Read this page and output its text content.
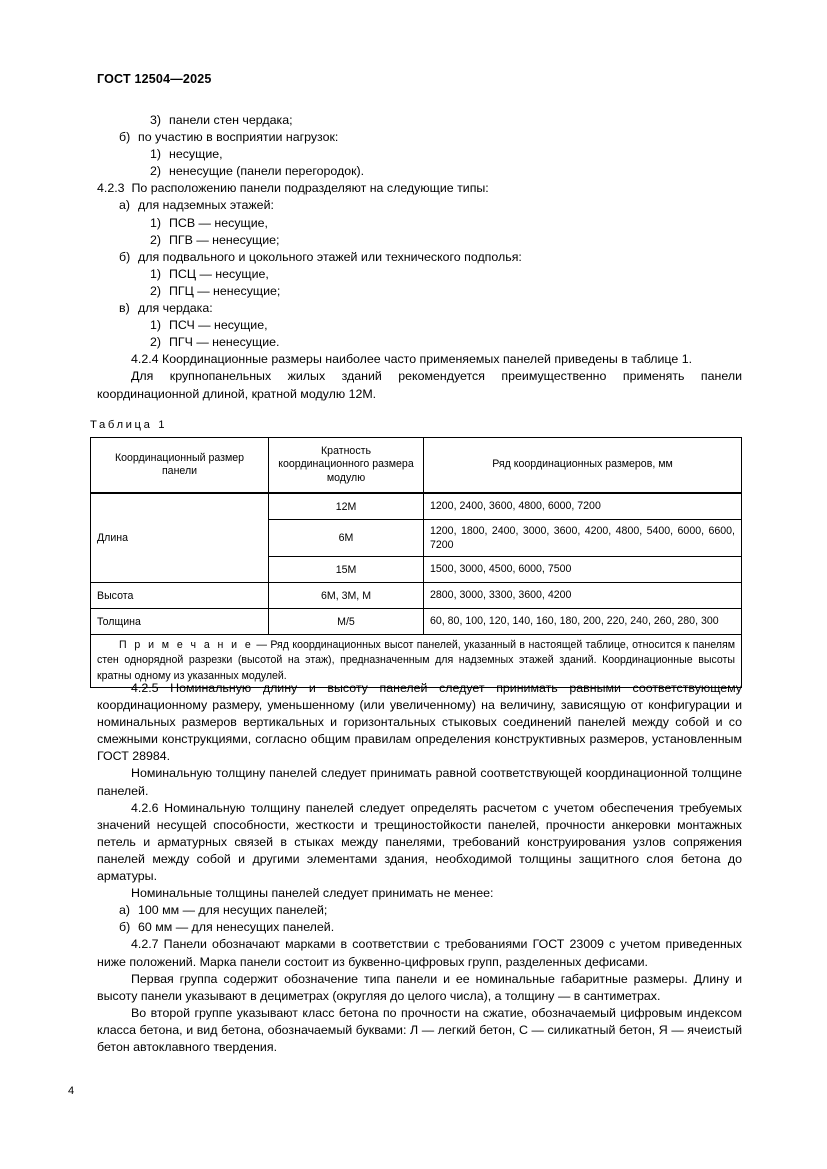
ГОСТ 12504—2025

3) панели стен чердака;

б) по участию в восприятии нагрузок:

1) несущие,

2) ненесущие (панели перегородок).

4.2.3 По расположению панели подразделяют на следующие типы:

а) для надземных этажей:

1) ПСВ — несущие,

2) ПГВ — ненесущие;

б) для подвального и цокольного этажей или технического подполья:

1) ПСЦ — несущие,

2) ПГЦ — ненесущие;

в) для чердака:

1) ПСЧ — несущие,

2) ПГЧ — ненесущие.

4.2.4 Координационные размеры наиболее часто применяемых панелей приведены в таблице 1.

Для крупнопанельных жилых зданий рекомендуется преимущественно применять панели координационной длиной, кратной модулю 12М.

Таблица 1
Координационный размер панели	Кратность координационного размера модулю	Ряд координационных размеров, мм
Длина	12М	1200, 2400, 3600, 4800, 6000, 7200
	6М	1200, 1800, 2400, 3000, 3600, 4200, 4800, 5400, 6000, 6600, 7200
	15М	1500, 3000, 4500, 6000, 7500
Высота	6М, 3М, М	2800, 3000, 3300, 3600, 4200
Толщина	М/5	60, 80, 100, 120, 140, 160, 180, 200, 220, 240, 260, 280, 300
П р и м е ч а н и е — Ряд координационных высот панелей, указанный в настоящей таблице, относится к панелям стен однорядной разрезки (высотой на этаж), предназначенным для надземных этажей зданий. Координационные высоты кратны одному из указанных модулей.		

4.2.5 Номинальную длину и высоту панелей следует принимать равными соответствующему координационному размеру, уменьшенному (или увеличенному) на величину, зависящую от конфигурации и номинальных размеров вертикальных и горизонтальных стыковых соединений панелей между собой и со смежными конструкциями, согласно общим правилам определения конструктивных размеров, установленным ГОСТ 28984.

Номинальную толщину панелей следует принимать равной соответствующей координационной толщине панелей.

4.2.6 Номинальную толщину панелей следует определять расчетом с учетом обеспечения требуемых значений несущей способности, жесткости и трещиностойкости панелей, прочности анкеровки монтажных петель и арматурных связей в стыках между панелями, требований конструирования узлов сопряжения панелей между собой и другими элементами здания, необходимой толщины защитного слоя бетона до арматуры.

Номинальные толщины панелей следует принимать не менее:

а) 100 мм — для несущих панелей;

б) 60 мм — для ненесущих панелей.

4.2.7 Панели обозначают марками в соответствии с требованиями ГОСТ 23009 с учетом приведенных ниже положений. Марка панели состоит из буквенно-цифровых групп, разделенных дефисами.

Первая группа содержит обозначение типа панели и ее номинальные габаритные размеры. Длину и высоту панели указывают в дециметрах (округляя до целого числа), а толщину — в сантиметрах.

Во второй группе указывают класс бетона по прочности на сжатие, обозначаемый цифровым индексом класса бетона, и вид бетона, обозначаемый буквами: Л — легкий бетон, С — силикатный бетон, Я — ячеистый бетон автоклавного твердения.

4
